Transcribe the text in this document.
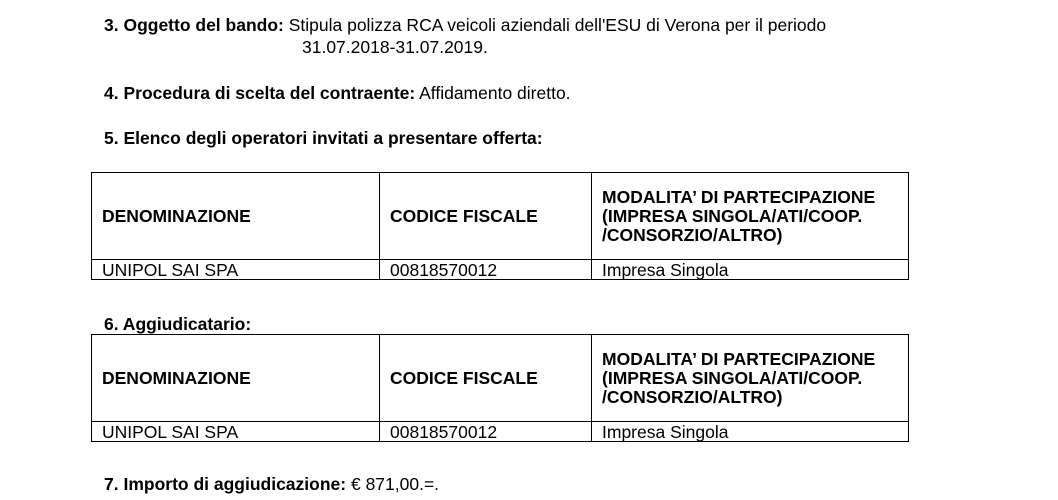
3. Oggetto del bando: Stipula polizza RCA veicoli aziendali dell'ESU di Verona per il periodo
31.07.2018-31.07.2019.
4. Procedura di scelta del contraente: Affidamento diretto.
5. Elenco degli operatori invitati a presentare offerta:
DENOMINAZIONE	CODICE FISCALE	MODALITA’ DI PARTECIPAZIONE (IMPRESA SINGOLA/ATI/COOP. /CONSORZIO/ALTRO)
UNIPOL SAI SPA	00818570012	Impresa Singola
6. Aggiudicatario:
DENOMINAZIONE	CODICE FISCALE	MODALITA’ DI PARTECIPAZIONE (IMPRESA SINGOLA/ATI/COOP. /CONSORZIO/ALTRO)
UNIPOL SAI SPA	00818570012	Impresa Singola
7. Importo di aggiudicazione: € 871,00.=.
